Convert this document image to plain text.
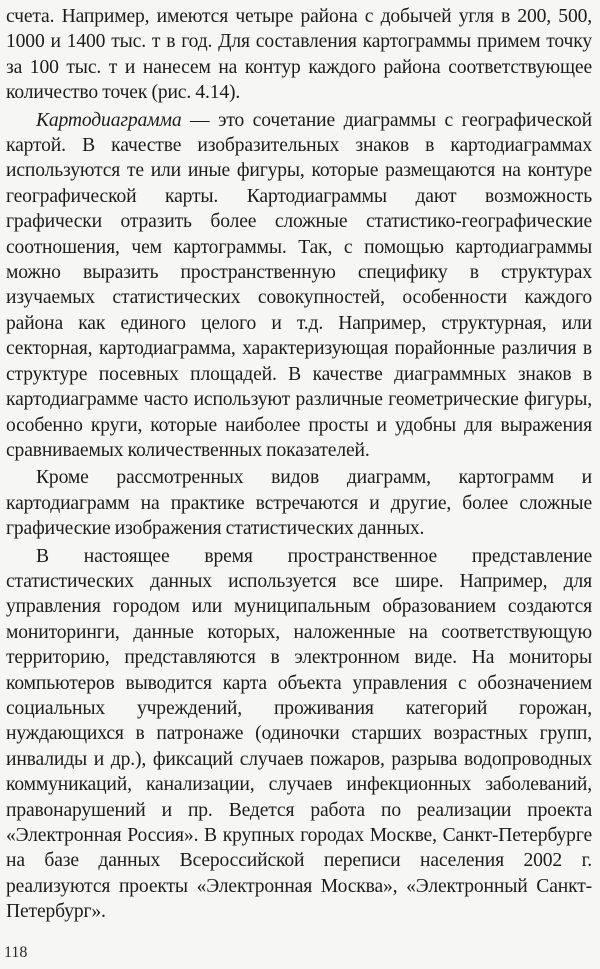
счета. Например, имеются четыре района с добычей угля в 200, 500, 1000 и 1400 тыс. т в год. Для составления картограммы примем точку за 100 тыс. т и нанесем на контур каждого района соответствующее количество точек (рис. 4.14).

Картодиаграмма — это сочетание диаграммы с географической картой. В качестве изобразительных знаков в картодиаграммах используются те или иные фигуры, которые размещаются на контуре географической карты. Картодиаграммы дают возможность графически отразить более сложные статистико-географические соотношения, чем картограммы. Так, с помощью картодиаграммы можно выразить пространственную специфику в структурах изучаемых статистических совокупностей, особенности каждого района как единого целого и т.д. Например, структурная, или секторная, картодиаграмма, характеризующая порайонные различия в структуре посевных площадей. В качестве диаграммных знаков в картодиаграмме часто используют различные геометрические фигуры, особенно круги, которые наиболее просты и удобны для выражения сравниваемых количественных показателей.

Кроме рассмотренных видов диаграмм, картограмм и картодиаграмм на практике встречаются и другие, более сложные графические изображения статистических данных.

В настоящее время пространственное представление статистических данных используется все шире. Например, для управления городом или муниципальным образованием создаются мониторинги, данные которых, наложенные на соответствующую территорию, представляются в электронном виде. На мониторы компьютеров выводится карта объекта управления с обозначением социальных учреждений, проживания категорий горожан, нуждающихся в патронаже (одиночки старших возрастных групп, инвалиды и др.), фиксаций случаев пожаров, разрыва водопроводных коммуникаций, канализации, случаев инфекционных заболеваний, правонарушений и пр. Ведется работа по реализации проекта «Электронная Россия». В крупных городах Москве, Санкт-Петербурге на базе данных Всероссийской переписи населения 2002 г. реализуются проекты «Электронная Москва», «Электронный Санкт-Петербург».

118
